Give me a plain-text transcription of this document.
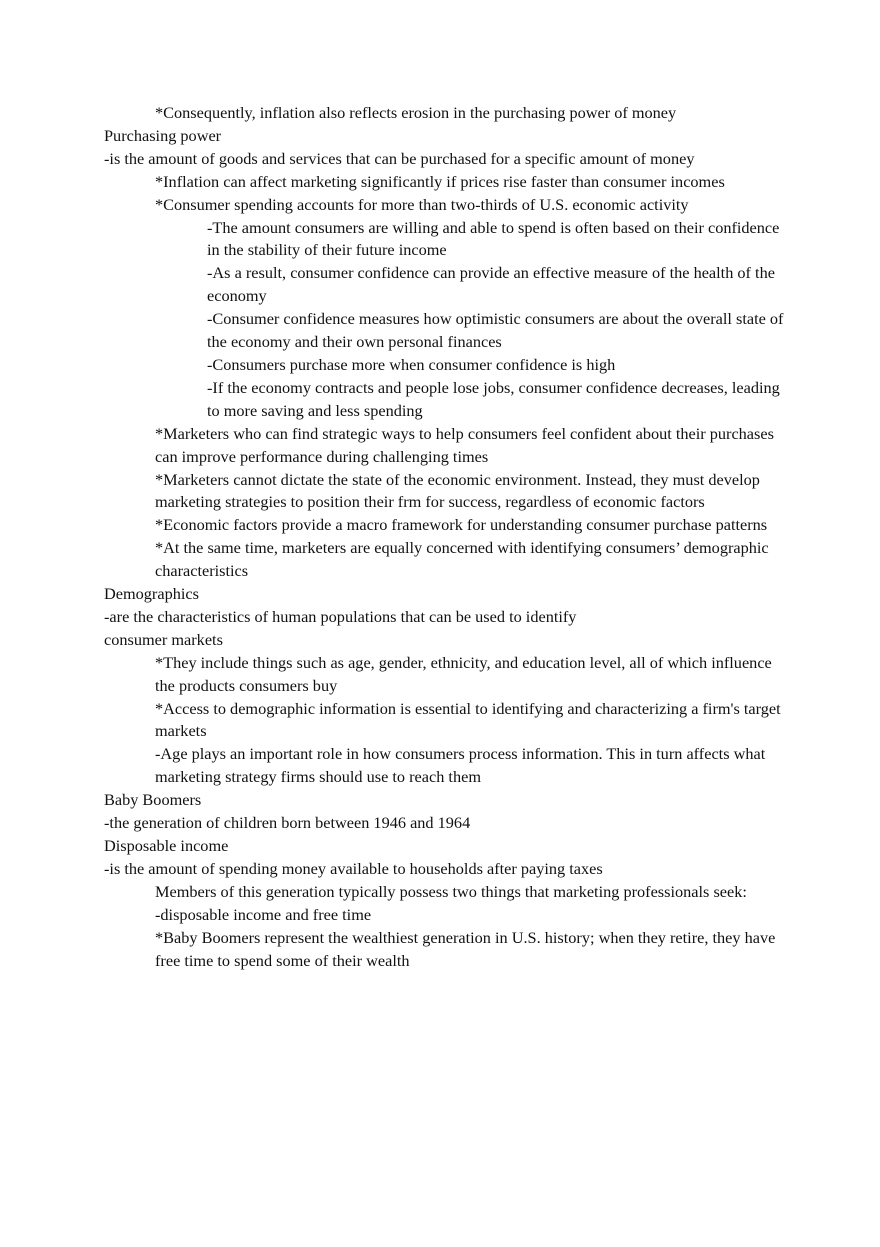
*Consequently, inflation also reflects erosion in the purchasing power of money

Purchasing power

-is the amount of goods and services that can be purchased for a specific amount of money

*Inflation can affect marketing significantly if prices rise faster than consumer incomes

*Consumer spending accounts for more than two-thirds of U.S. economic activity

-The amount consumers are willing and able to spend is often based on their confidence in the stability of their future income

-As a result, consumer confidence can provide an effective measure of the health of the economy

-Consumer confidence measures how optimistic consumers are about the overall state of the economy and their own personal finances

-Consumers purchase more when consumer confidence is high

-If the economy contracts and people lose jobs, consumer confidence decreases, leading to more saving and less spending

*Marketers who can find strategic ways to help consumers feel confident about their purchases can improve performance during challenging times

*Marketers cannot dictate the state of the economic environment. Instead, they must develop marketing strategies to position their frm for success, regardless of economic factors

*Economic factors provide a macro framework for understanding consumer purchase patterns

*At the same time, marketers are equally concerned with identifying consumers’ demographic characteristics

Demographics

-are the characteristics of human populations that can be used to identify

consumer markets

*They include things such as age, gender, ethnicity, and education level, all of which influence the products consumers buy

*Access to demographic information is essential to identifying and characterizing a firm's target markets

-Age plays an important role in how consumers process information. This in turn affects what marketing strategy firms should use to reach them

Baby Boomers

-the generation of children born between 1946 and 1964

Disposable income

-is the amount of spending money available to households after paying taxes

Members of this generation typically possess two things that marketing professionals seek:

-disposable income and free time

*Baby Boomers represent the wealthiest generation in U.S. history; when they retire, they have free time to spend some of their wealth
